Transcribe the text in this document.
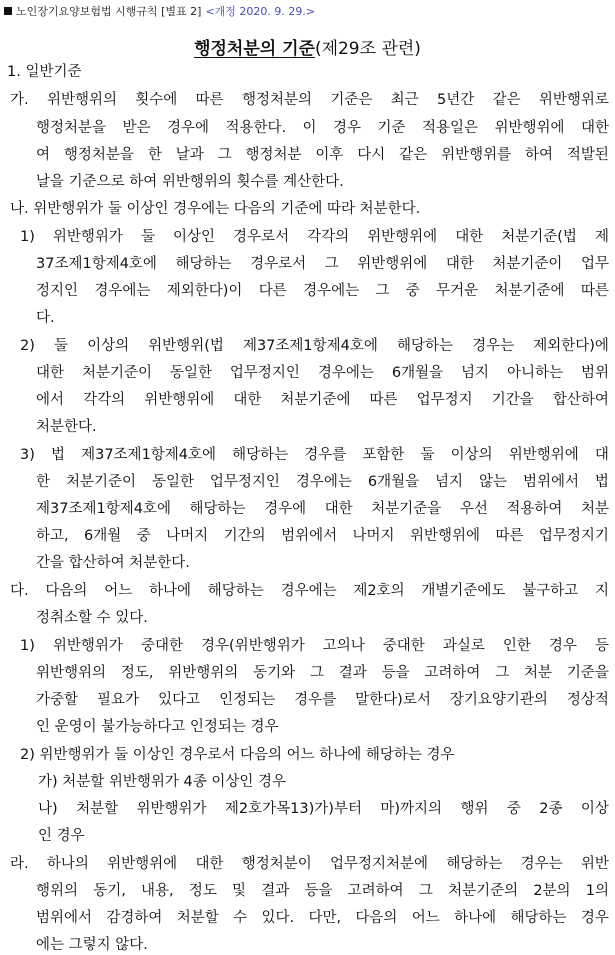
노인장기요양보험법 시행규칙 [별표 2] <개정 2020. 9. 29.>
행정처분의 기준(제29조 관련)
1. 일반기준
가. 위반행위의 횟수에 따른 행정처분의 기준은 최근 5년간 같은 위반행위로
행정처분을 받은 경우에 적용한다. 이 경우 기준 적용일은 위반행위에 대한
여 행정처분을 한 날과 그 행정처분 이후 다시 같은 위반행위를 하여 적발된
날을 기준으로 하여 위반행위의 횟수를 계산한다.
나. 위반행위가 둘 이상인 경우에는 다음의 기준에 따라 처분한다.
1) 위반행위가 둘 이상인 경우로서 각각의 위반행위에 대한 처분기준(법 제
37조제1항제4호에 해당하는 경우로서 그 위반행위에 대한 처분기준이 업무
정지인 경우에는 제외한다)이 다른 경우에는 그 중 무거운 처분기준에 따른
다.
2) 둘 이상의 위반행위(법 제37조제1항제4호에 해당하는 경우는 제외한다)에
대한 처분기준이 동일한 업무정지인 경우에는 6개월을 넘지 아니하는 범위
에서 각각의 위반행위에 대한 처분기준에 따른 업무정지 기간을 합산하여
처분한다.
3) 법 제37조제1항제4호에 해당하는 경우를 포함한 둘 이상의 위반행위에 대
한 처분기준이 동일한 업무정지인 경우에는 6개월을 넘지 않는 범위에서 법
제37조제1항제4호에 해당하는 경우에 대한 처분기준을 우선 적용하여 처분
하고, 6개월 중 나머지 기간의 범위에서 나머지 위반행위에 따른 업무정지기
간을 합산하여 처분한다.
다. 다음의 어느 하나에 해당하는 경우에는 제2호의 개별기준에도 불구하고 지
정취소할 수 있다.
1) 위반행위가 중대한 경우(위반행위가 고의나 중대한 과실로 인한 경우 등
위반행위의 정도, 위반행위의 동기와 그 결과 등을 고려하여 그 처분 기준을
가중할 필요가 있다고 인정되는 경우를 말한다)로서 장기요양기관의 정상적
인 운영이 불가능하다고 인정되는 경우
2) 위반행위가 둘 이상인 경우로서 다음의 어느 하나에 해당하는 경우
가) 처분할 위반행위가 4종 이상인 경우
나) 처분할 위반행위가 제2호가목13)가)부터 마)까지의 행위 중 2종 이상
인 경우
라. 하나의 위반행위에 대한 행정처분이 업무정지처분에 해당하는 경우는 위반
행위의 동기, 내용, 정도 및 결과 등을 고려하여 그 처분기준의 2분의 1의
범위에서 감경하여 처분할 수 있다. 다만, 다음의 어느 하나에 해당하는 경우
에는 그렇지 않다.
